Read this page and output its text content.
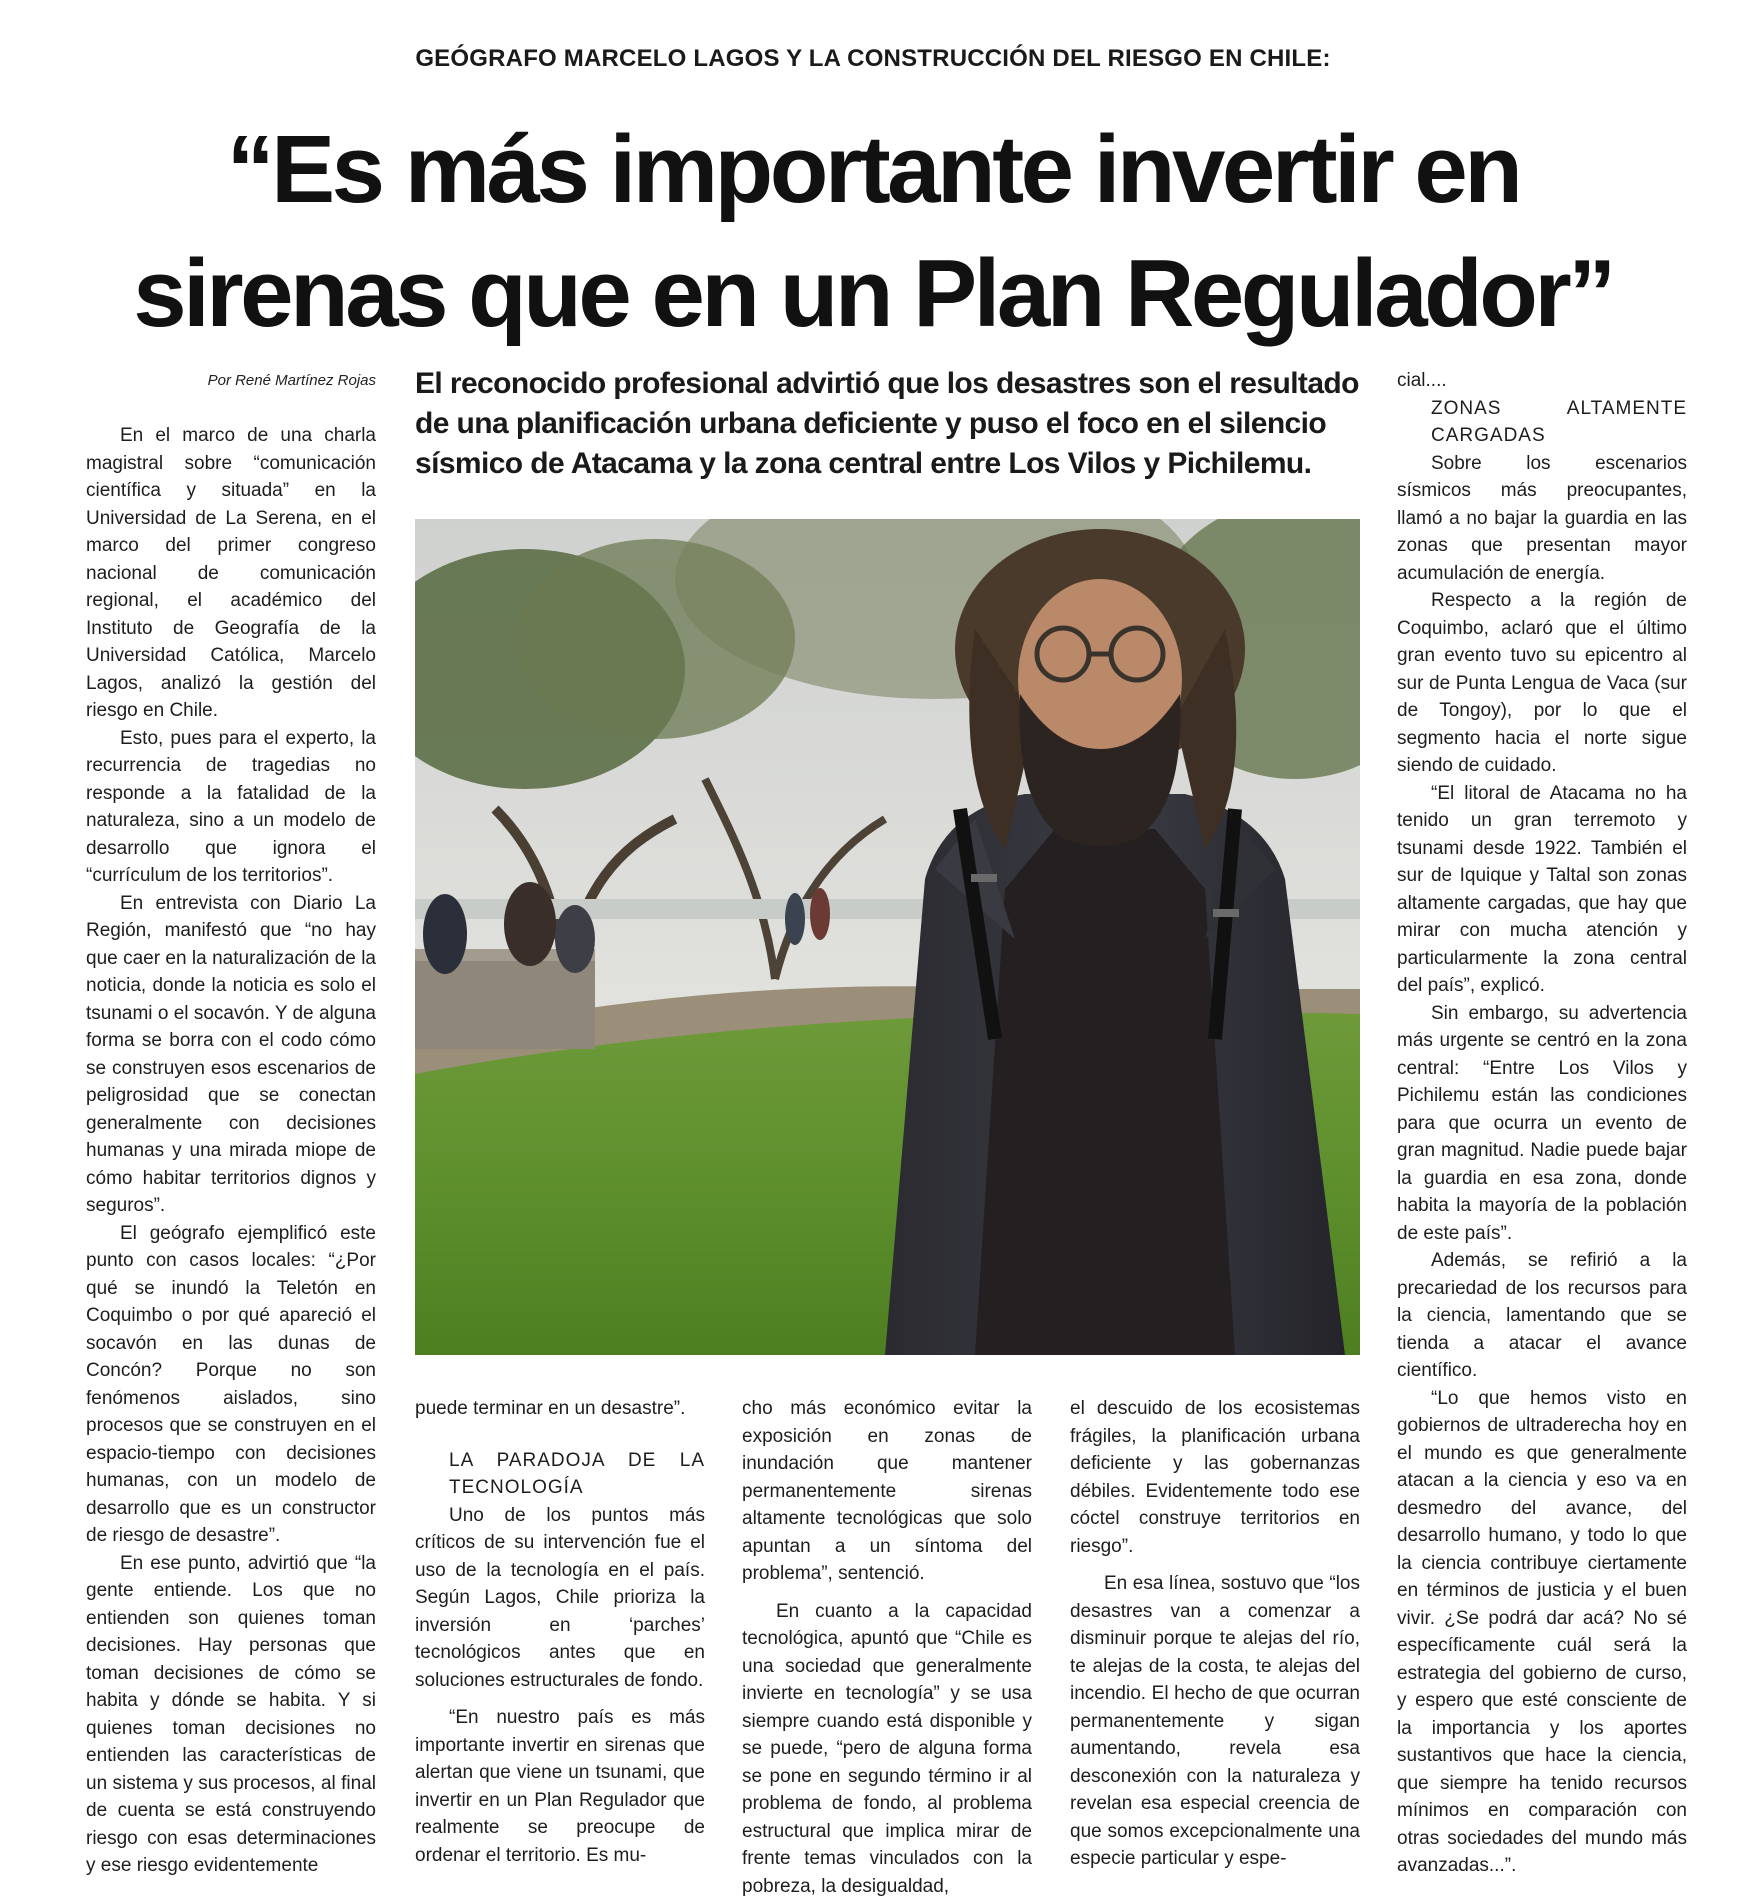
GEÓGRAFO MARCELO LAGOS Y LA CONSTRUCCIÓN DEL RIESGO EN CHILE:
“Es más importante invertir en sirenas que en un Plan Regulador”
Por René Martínez Rojas

En el marco de una charla magistral sobre “comunicación científica y situada” en la Universidad de La Serena, en el marco del primer congreso nacional de comunicación regional, el académico del Instituto de Geografía de la Universidad Católica, Marcelo Lagos, analizó la gestión del riesgo en Chile.

Esto, pues para el experto, la recurrencia de tragedias no responde a la fatalidad de la naturaleza, sino a un modelo de desarrollo que ignora el “currículum de los territorios”.

En entrevista con Diario La Región, manifestó que “no hay que caer en la naturalización de la noticia, donde la noticia es solo el tsunami o el socavón. Y de alguna forma se borra con el codo cómo se construyen esos escenarios de peligrosidad que se conectan generalmente con decisiones humanas y una mirada miope de cómo habitar territorios dignos y seguros”.

El geógrafo ejemplificó este punto con casos locales: “¿Por qué se inundó la Teletón en Coquimbo o por qué apareció el socavón en las dunas de Concón? Porque no son fenómenos aislados, sino procesos que se construyen en el espacio-tiempo con decisiones humanas, con un modelo de desarrollo que es un constructor de riesgo de desastre”.

En ese punto, advirtió que “la gente entiende. Los que no entienden son quienes toman decisiones. Hay personas que toman decisiones de cómo se habita y dónde se habita. Y si quienes toman decisiones no entienden las características de un sistema y sus procesos, al final de cuenta se está construyendo riesgo con esas determinaciones y ese riesgo evidentemente

El reconocido profesional advirtió que los desastres son el resultado de una planificación urbana deficiente y puso el foco en el silencio sísmico de Atacama y la zona central entre Los Vilos y Pichilemu.

puede terminar en un desastre”.

LA PARADOJA DE LA TECNOLOGÍA

Uno de los puntos más críticos de su intervención fue el uso de la tecnología en el país. Según Lagos, Chile prioriza la inversión en ‘parches’ tecnológicos antes que en soluciones estructurales de fondo.

“En nuestro país es más importante invertir en sirenas que alertan que viene un tsunami, que invertir en un Plan Regulador que realmente se preocupe de ordenar el territorio. Es mu-

cho más económico evitar la exposición en zonas de inundación que mantener permanentemente sirenas altamente tecnológicas que solo apuntan a un síntoma del problema”, sentenció.

En cuanto a la capacidad tecnológica, apuntó que “Chile es una sociedad que generalmente invierte en tecnología” y se usa siempre cuando está disponible y se puede, “pero de alguna forma se pone en segundo término ir al problema de fondo, al problema estructural que implica mirar de frente temas vinculados con la pobreza, la desigualdad,

el descuido de los ecosistemas frágiles, la planificación urbana deficiente y las gobernanzas débiles. Evidentemente todo ese cóctel construye territorios en riesgo”.

En esa línea, sostuvo que “los desastres van a comenzar a disminuir porque te alejas del río, te alejas de la costa, te alejas del incendio. El hecho de que ocurran permanentemente y sigan aumentando, revela esa desconexión con la naturaleza y revelan esa especial creencia de que somos excepcionalmente una especie particular y espe-

cial....

ZONAS ALTAMENTE CARGADAS

Sobre los escenarios sísmicos más preocupantes, llamó a no bajar la guardia en las zonas que presentan mayor acumulación de energía.

Respecto a la región de Coquimbo, aclaró que el último gran evento tuvo su epicentro al sur de Punta Lengua de Vaca (sur de Tongoy), por lo que el segmento hacia el norte sigue siendo de cuidado.

“El litoral de Atacama no ha tenido un gran terremoto y tsunami desde 1922. También el sur de Iquique y Taltal son zonas altamente cargadas, que hay que mirar con mucha atención y particularmente la zona central del país”, explicó.

Sin embargo, su advertencia más urgente se centró en la zona central: “Entre Los Vilos y Pichilemu están las condiciones para que ocurra un evento de gran magnitud. Nadie puede bajar la guardia en esa zona, donde habita la mayoría de la población de este país”.

Además, se refirió a la precariedad de los recursos para la ciencia, lamentando que se tienda a atacar el avance científico.

“Lo que hemos visto en gobiernos de ultraderecha hoy en el mundo es que generalmente atacan a la ciencia y eso va en desmedro del avance, del desarrollo humano, y todo lo que la ciencia contribuye ciertamente en términos de justicia y el buen vivir. ¿Se podrá dar acá? No sé específicamente cuál será la estrategia del gobierno de curso, y espero que esté consciente de la importancia y los aportes sustantivos que hace la ciencia, que siempre ha tenido recursos mínimos en comparación con otras sociedades del mundo más avanzadas...”.
